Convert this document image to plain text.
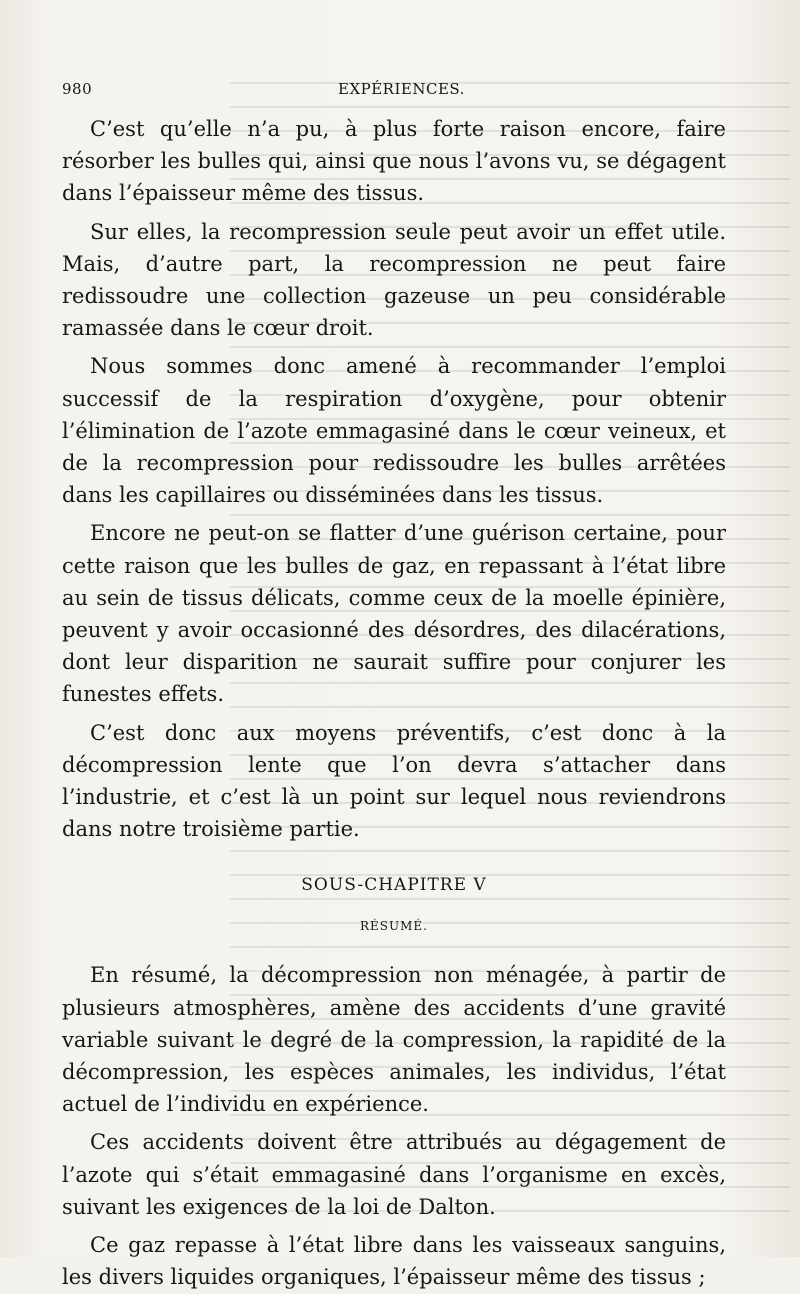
980	EXPÉRIENCES.

C’est qu’elle n’a pu, à plus forte raison encore, faire résorber les bulles qui, ainsi que nous l’avons vu, se dégagent dans l’épaisseur même des tissus.

Sur elles, la recompression seule peut avoir un effet utile. Mais, d’autre part, la recompression ne peut faire redissoudre une collection gazeuse un peu considérable ramassée dans le cœur droit.

Nous sommes donc amené à recommander l’emploi successif de la respiration d’oxygène, pour obtenir l’élimination de l’azote emmagasiné dans le cœur veineux, et de la recompression pour redissoudre les bulles arrêtées dans les capillaires ou disséminées dans les tissus.

Encore ne peut-on se flatter d’une guérison certaine, pour cette raison que les bulles de gaz, en repassant à l’état libre au sein de tissus délicats, comme ceux de la moelle épinière, peuvent y avoir occasionné des désordres, des dilacérations, dont leur disparition ne saurait suffire pour conjurer les funestes effets.

C’est donc aux moyens préventifs, c’est donc à la décompression lente que l’on devra s’attacher dans l’industrie, et c’est là un point sur lequel nous reviendrons dans notre troisième partie.

SOUS-CHAPITRE V
RÉSUMÉ.

En résumé, la décompression non ménagée, à partir de plusieurs atmosphères, amène des accidents d’une gravité variable suivant le degré de la compression, la rapidité de la décompression, les espèces animales, les individus, l’état actuel de l’individu en expérience.

Ces accidents doivent être attribués au dégagement de l’azote qui s’était emmagasiné dans l’organisme en excès, suivant les exigences de la loi de Dalton.

Ce gaz repasse à l’état libre dans les vaisseaux sanguins, les divers liquides organiques, l’épaisseur même des tissus ;
